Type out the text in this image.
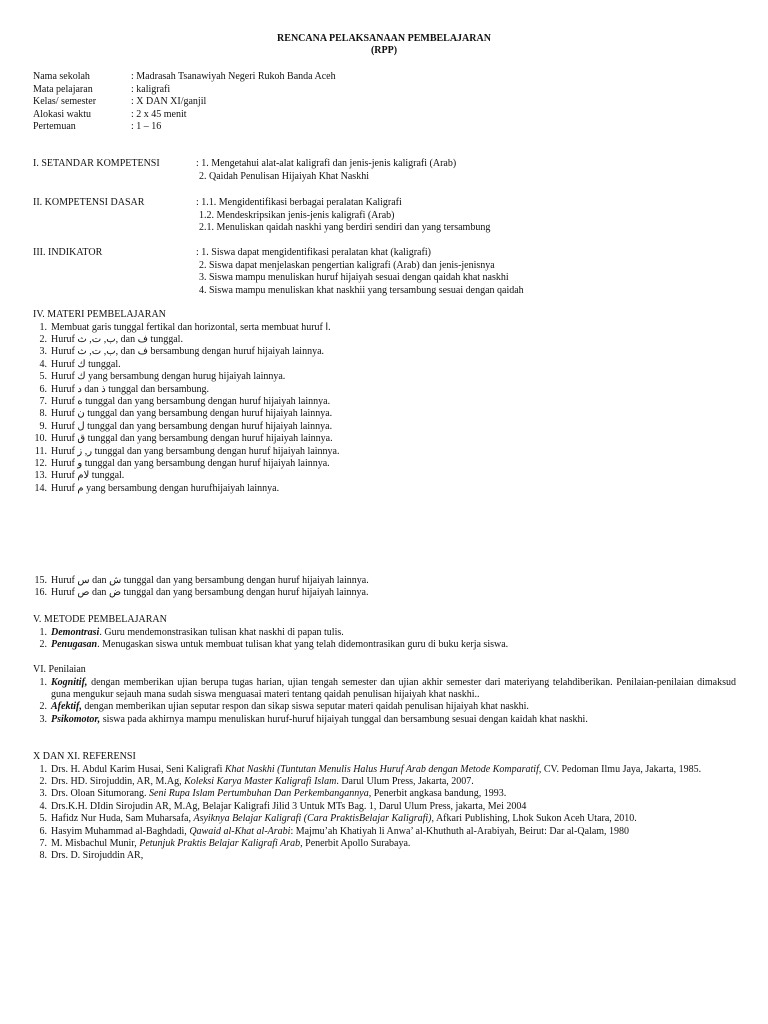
RENCANA PELAKSANAAN PEMBELAJARAN
(RPP)
Nama sekolah	: Madrasah Tsanawiyah Negeri Rukoh Banda Aceh
Mata pelajaran	: kaligrafi
Kelas/ semester	: X DAN XI/ganjil
Alokasi waktu	: 2 x 45 menit
Pertemuan	: 1 – 16
I. SETANDAR KOMPETENSI	: 1. Mengetahui alat-alat kaligrafi dan jenis-jenis kaligrafi (Arab)
2. Qaidah Penulisan Hijaiyah Khat Naskhi
II. KOMPETENSI DASAR	: 1.1. Mengidentifikasi berbagai peralatan Kaligrafi
1.2. Mendeskripsikan jenis-jenis kaligrafi (Arab)
2.1. Menuliskan qaidah naskhi yang berdiri sendiri dan yang tersambung
III. INDIKATOR	: 1. Siswa dapat mengidentifikasi peralatan khat (kaligrafi)
2. Siswa dapat menjelaskan pengertian kaligrafi (Arab) dan jenis-jenisnya
3. Siswa mampu menuliskan huruf hijaiyah sesuai dengan qaidah khat naskhi
4. Siswa mampu menuliskan khat naskhii yang tersambung sesuai dengan qaidah
IV. MATERI PEMBELAJARAN
1. Membuat garis tunggal fertikal dan horizontal, serta membuat huruf ا.
2. Huruf ب, ت, ث, dan ف tunggal.
3. Huruf ب, ت, ث, dan ف bersambung dengan huruf hijaiyah lainnya.
4. Huruf ك tunggal.
5. Huruf ك yang bersambung dengan hurug hijaiyah lainnya.
6. Huruf د dan ذ tunggal dan bersambung.
7. Huruf ه tunggal dan yang bersambung dengan huruf hijaiyah lainnya.
8. Huruf ن tunggal dan yang bersambung dengan huruf hijaiyah lainnya.
9. Huruf ل tunggal dan yang bersambung dengan huruf hijaiyah lainnya.
10. Huruf ق tunggal dan yang bersambung dengan huruf hijaiyah lainnya.
11. Huruf ر, ز tunggal dan yang bersambung dengan huruf hijaiyah lainnya.
12. Huruf و tunggal dan yang bersambung dengan huruf hijaiyah lainnya.
13. Huruf لام tunggal.
14. Huruf م yang bersambung dengan hurufhijaiyah lainnya.
15. Huruf س dan ش tunggal dan yang bersambung dengan huruf hijaiyah lainnya.
16. Huruf ص dan ض tunggal dan yang bersambung dengan huruf hijaiyah lainnya.
V. METODE PEMBELAJARAN
1. Demontrasi. Guru mendemonstrasikan tulisan khat naskhi di papan tulis.
2. Penugasan. Menugaskan siswa untuk membuat tulisan khat yang telah didemontrasikan guru di buku kerja siswa.
VI. Penilaian
1. Kognitif, dengan memberikan ujian berupa tugas harian, ujian tengah semester dan ujian akhir semester dari materiyang telahdiberikan. Penilaian-penilaian dimaksud guna mengukur sejauh mana sudah siswa menguasai materi tentang qaidah penulisan hijaiyah khat naskhi..
2. Afektif, dengan memberikan ujian seputar respon dan sikap siswa seputar materi qaidah penulisan hijaiyah khat naskhi.
3. Psikomotor, siswa pada akhirnya mampu menuliskan huruf-huruf hijaiyah tunggal dan bersambung sesuai dengan kaidah khat naskhi.
X DAN XI. REFERENSI
1. Drs. H. Abdul Karim Husai, Seni Kaligrafi Khat Naskhi (Tuntutan Menulis Halus Huruf Arab dengan Metode Komparatif, CV. Pedoman Ilmu Jaya, Jakarta, 1985.
2. Drs. HD. Sirojuddin, AR, M.Ag, Koleksi Karya Master Kaligrafi Islam. Darul Ulum Press, Jakarta, 2007.
3. Drs. Oloan Situmorang. Seni Rupa Islam Pertumbuhan Dan Perkembangannya, Penerbit angkasa bandung, 1993.
4. Drs.K.H. DIdin Sirojudin AR, M.Ag, Belajar Kaligrafi Jilid 3 Untuk MTs Bag. 1, Darul Ulum Press, jakarta, Mei 2004
5. Hafidz Nur Huda, Sam Muharsafa, Asyiknya Belajar Kaligrafi (Cara PraktisBelajar Kaligrafi), Afkari Publishing, Lhok Sukon Aceh Utara, 2010.
6. Hasyim Muhammad al-Baghdadi, Qawaid al-Khat al-Arabi: Majmu’ah Khatiyah li Anwa’ al-Khuthuth al-Arabiyah, Beirut: Dar al-Qalam, 1980
7. M. Misbachul Munir, Petunjuk Praktis Belajar Kaligrafi Arab, Penerbit Apollo Surabaya.
8. Drs. D. Sirojuddin AR,
